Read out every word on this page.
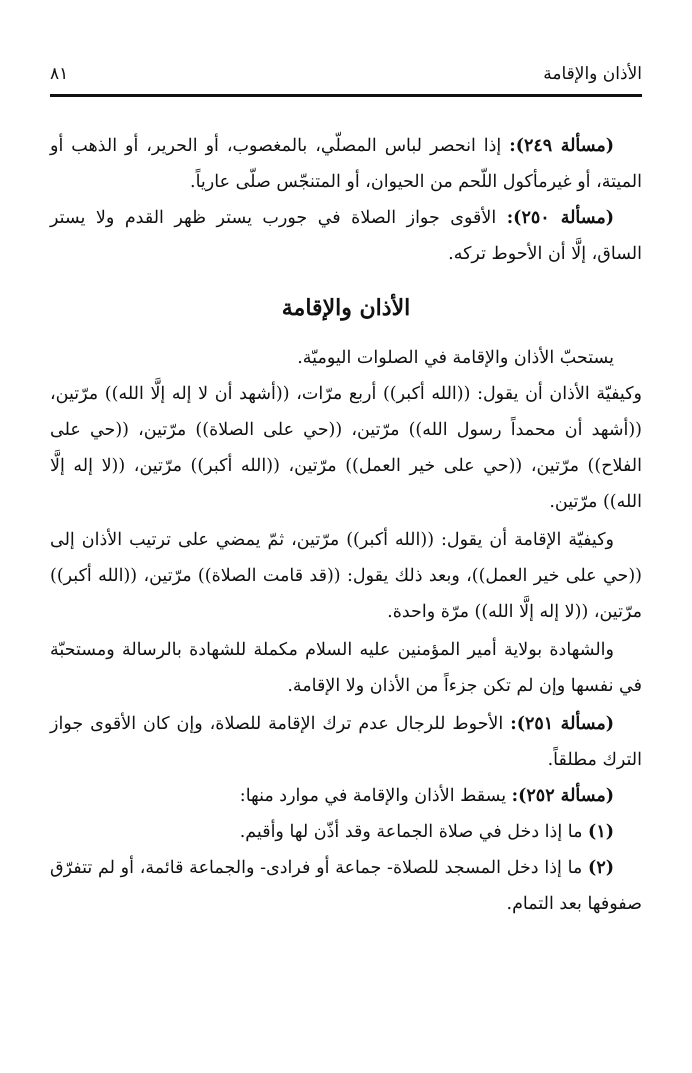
الأذان والإقامة
٨١

(مسألة ٢٤٩): إذا انحصر لباس المصلّي، بالمغصوب، أو الحرير، أو الذهب أو الميتة، أو غيرمأكول اللّحم من الحيوان، أو المتنجّس صلّى عارياً.

(مسألة ٢٥٠): الأقوى جواز الصلاة في جورب يستر ظهر القدم ولا يستر الساق، إلَّا أن الأحوط تركه.

الأذان والإقامة

يستحبّ الأذان والإقامة في الصلوات اليوميّة.

وكيفيّة الأذان أن يقول: ((الله أكبر)) أربع مرّات، ((أشهد أن لا إله إلَّا الله)) مرّتين، ((أشهد أن محمداً رسول الله)) مرّتين، ((حي على الصلاة)) مرّتين، ((حي على الفلاح)) مرّتين، ((حي على خير العمل)) مرّتين، ((الله أكبر)) مرّتين، ((لا إله إلَّا الله)) مرّتين.

وكيفيّة الإقامة أن يقول: ((الله أكبر)) مرّتين، ثمّ يمضي على ترتيب الأذان إلى ((حي على خير العمل))، وبعد ذلك يقول: ((قد قامت الصلاة)) مرّتين، ((الله أكبر)) مرّتين، ((لا إله إلَّا الله)) مرّة واحدة.

والشهادة بولاية أمير المؤمنين عليه السلام مكملة للشهادة بالرسالة ومستحبّة في نفسها وإن لم تكن جزءاً من الأذان ولا الإقامة.

(مسألة ٢٥١): الأحوط للرجال عدم ترك الإقامة للصلاة، وإن كان الأقوى جواز الترك مطلقاً.

(مسألة ٢٥٢): يسقط الأذان والإقامة في موارد منها:

(١) ما إذا دخل في صلاة الجماعة وقد أذّن لها وأقيم.

(٢) ما إذا دخل المسجد للصلاة- جماعة أو فرادى- والجماعة قائمة، أو لم تتفرّق صفوفها بعد التمام.
